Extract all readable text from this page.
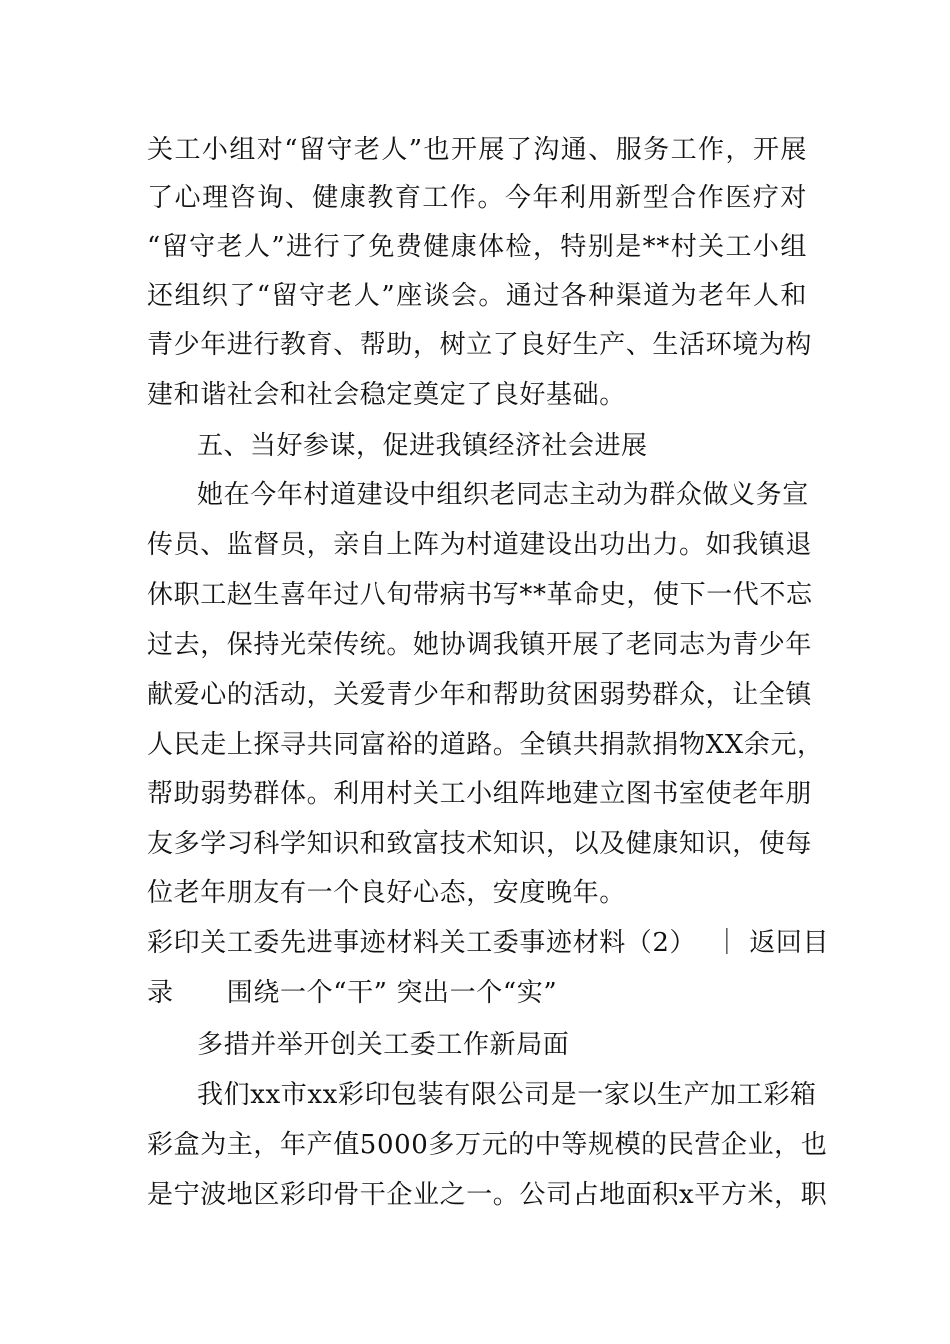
关工小组对“留守老人”也开展了沟通、服务工作，开展
了心理咨询、健康教育工作。今年利用新型合作医疗对
“留守老人”进行了免费健康体检，特别是**村关工小组
还组织了“留守老人”座谈会。通过各种渠道为老年人和
青少年进行教育、帮助，树立了良好生产、生活环境为构
建和谐社会和社会稳定奠定了良好基础。
五、当好参谋，促进我镇经济社会进展
她在今年村道建设中组织老同志主动为群众做义务宣
传员、监督员，亲自上阵为村道建设出功出力。如我镇退
休职工赵生喜年过八旬带病书写**革命史，使下一代不忘
过去，保持光荣传统。她协调我镇开展了老同志为青少年
献爱心的活动，关爱青少年和帮助贫困弱势群众，让全镇
人民走上探寻共同富裕的道路。全镇共捐款捐物XX余元，
帮助弱势群体。利用村关工小组阵地建立图书室使老年朋
友多学习科学知识和致富技术知识，以及健康知识，使每
位老年朋友有一个良好心态，安度晚年。
彩印关工委先进事迹材料关工委事迹材料（2）  ｜ 返回目
录      围绕一个“干” 突出一个“实”
多措并举开创关工委工作新局面
我们xx市xx彩印包装有限公司是一家以生产加工彩箱
彩盒为主，年产值5000多万元的中等规模的民营企业，也
是宁波地区彩印骨干企业之一。公司占地面积x平方米，职
